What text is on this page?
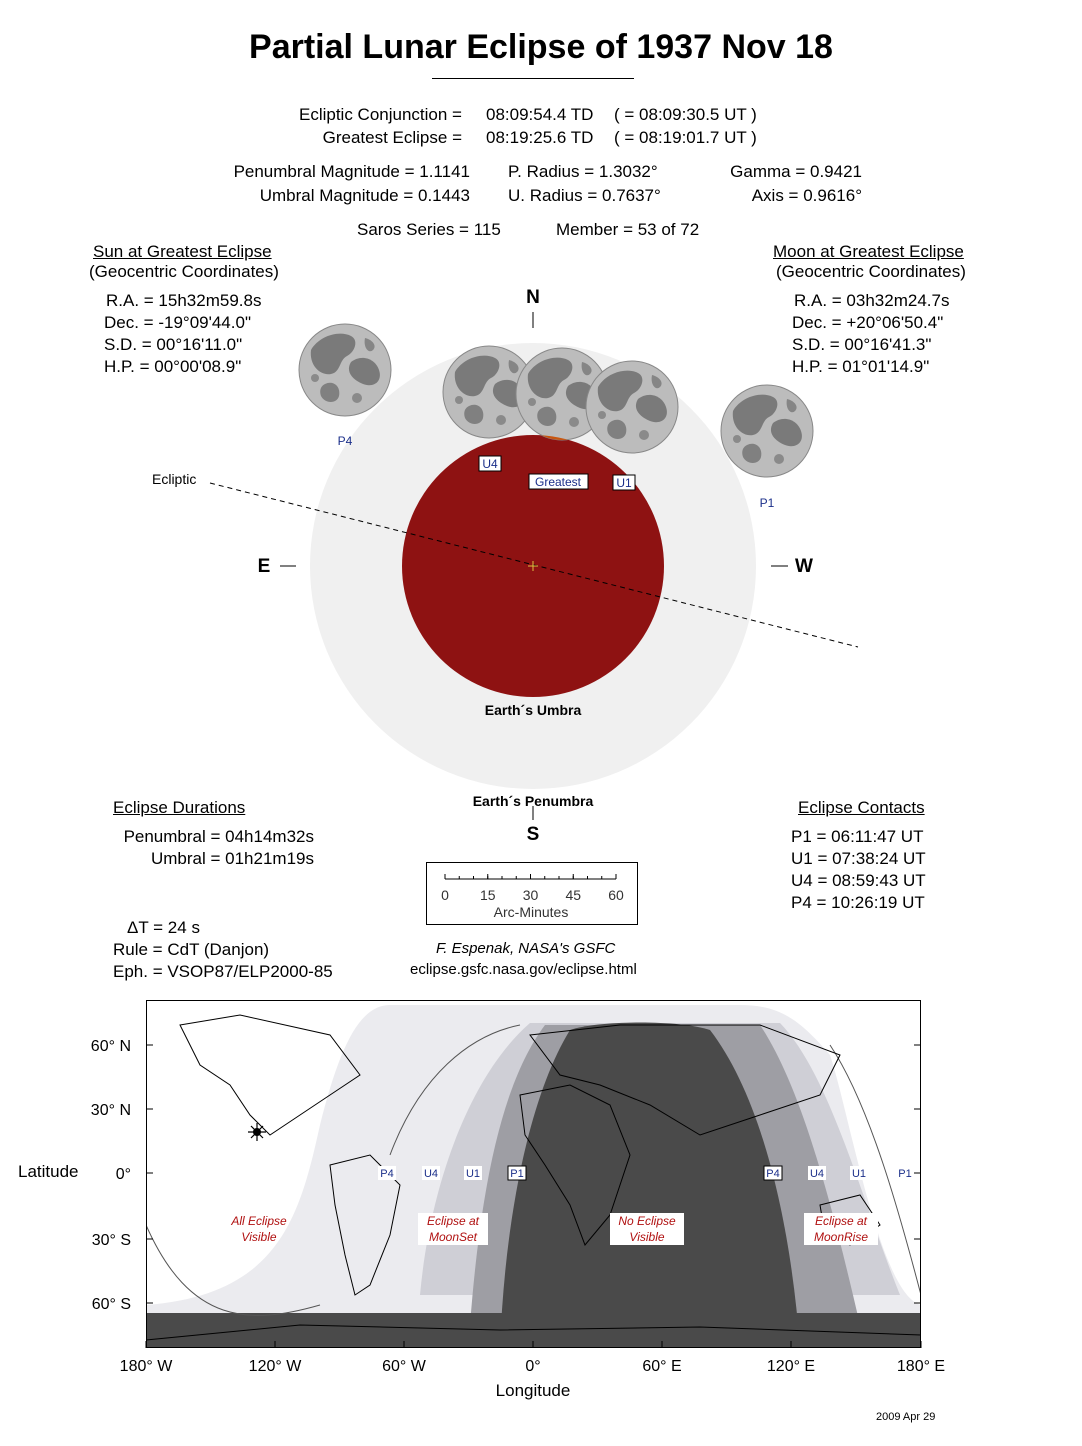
Partial Lunar Eclipse of 1937 Nov 18
Ecliptic Conjunction = 08:09:54.4 TD ( = 08:09:30.5 UT )
Greatest Eclipse = 08:19:25.6 TD ( = 08:19:01.7 UT )
Penumbral Magnitude = 1.1141
Umbral Magnitude = 0.1443
P. Radius = 1.3032°
U. Radius = 0.7637°
Gamma = 0.9421
Axis = 0.9616°
Saros Series = 115	Member = 53 of 72
Sun at Greatest Eclipse
(Geocentric Coordinates)
R.A. = 15h32m59.8s
Dec. = -19°09'44.0"
S.D. = 00°16'11.0"
H.P. = 00°00'08.9"
Moon at Greatest Eclipse
(Geocentric Coordinates)
R.A. = 03h32m24.7s
Dec. = +20°06'50.4"
S.D. = 00°16'41.3"
H.P. = 01°01'14.9"
N
S
E	W
Ecliptic
Earth´s Umbra
Earth´s Penumbra
P4
U4
Greatest	U1
P1
Eclipse Durations
Penumbral = 04h14m32s
Umbral = 01h21m19s
Eclipse Contacts
P1 = 06:11:47 UT
U1 = 07:38:24 UT
U4 = 08:59:43 UT
P4 = 10:26:19 UT
0 15 30 45 60
Arc-Minutes
ΔT = 24 s
Rule = CdT (Danjon)
Eph. = VSOP87/ELP2000-85
F. Espenak, NASA's GSFC
eclipse.gsfc.nasa.gov/eclipse.html
2009 Apr 29
60° N
30° N
0°
30° S
60° S
180° W	120° W	60° W	0°	60° E	120° E	180° E
P4	U4	U1	P1	P4	U4	U1	P1
All Eclipse
Visible
Eclipse at
MoonSet
No Eclipse
Visible
Eclipse at
MoonRise
Latitude
Longitude
